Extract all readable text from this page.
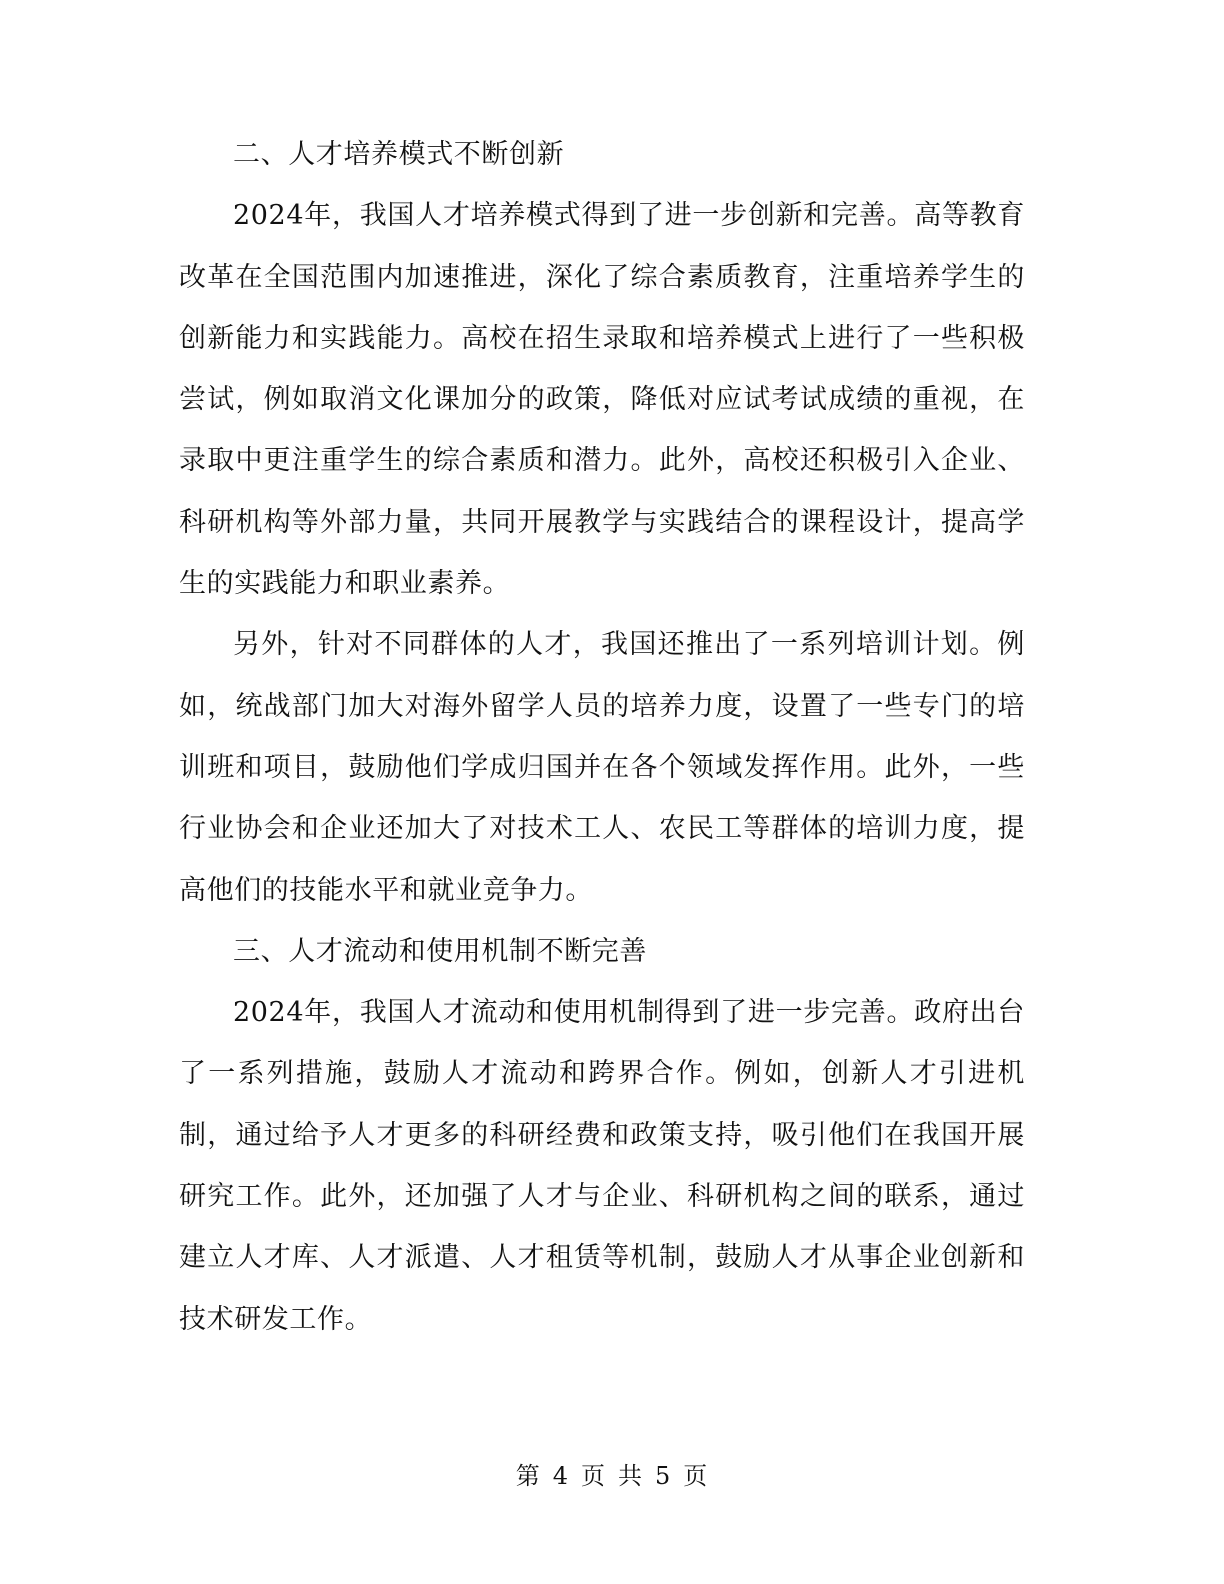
二、人才培养模式不断创新

2024年，我国人才培养模式得到了进一步创新和完善。高等教育改革在全国范围内加速推进，深化了综合素质教育，注重培养学生的创新能力和实践能力。高校在招生录取和培养模式上进行了一些积极尝试，例如取消文化课加分的政策，降低对应试考试成绩的重视，在录取中更注重学生的综合素质和潜力。此外，高校还积极引入企业、科研机构等外部力量，共同开展教学与实践结合的课程设计，提高学生的实践能力和职业素养。

另外，针对不同群体的人才，我国还推出了一系列培训计划。例如，统战部门加大对海外留学人员的培养力度，设置了一些专门的培训班和项目，鼓励他们学成归国并在各个领域发挥作用。此外，一些行业协会和企业还加大了对技术工人、农民工等群体的培训力度，提高他们的技能水平和就业竞争力。

三、人才流动和使用机制不断完善

2024年，我国人才流动和使用机制得到了进一步完善。政府出台了一系列措施，鼓励人才流动和跨界合作。例如，创新人才引进机制，通过给予人才更多的科研经费和政策支持，吸引他们在我国开展研究工作。此外，还加强了人才与企业、科研机构之间的联系，通过建立人才库、人才派遣、人才租赁等机制，鼓励人才从事企业创新和技术研发工作。

第 4 页 共 5 页
